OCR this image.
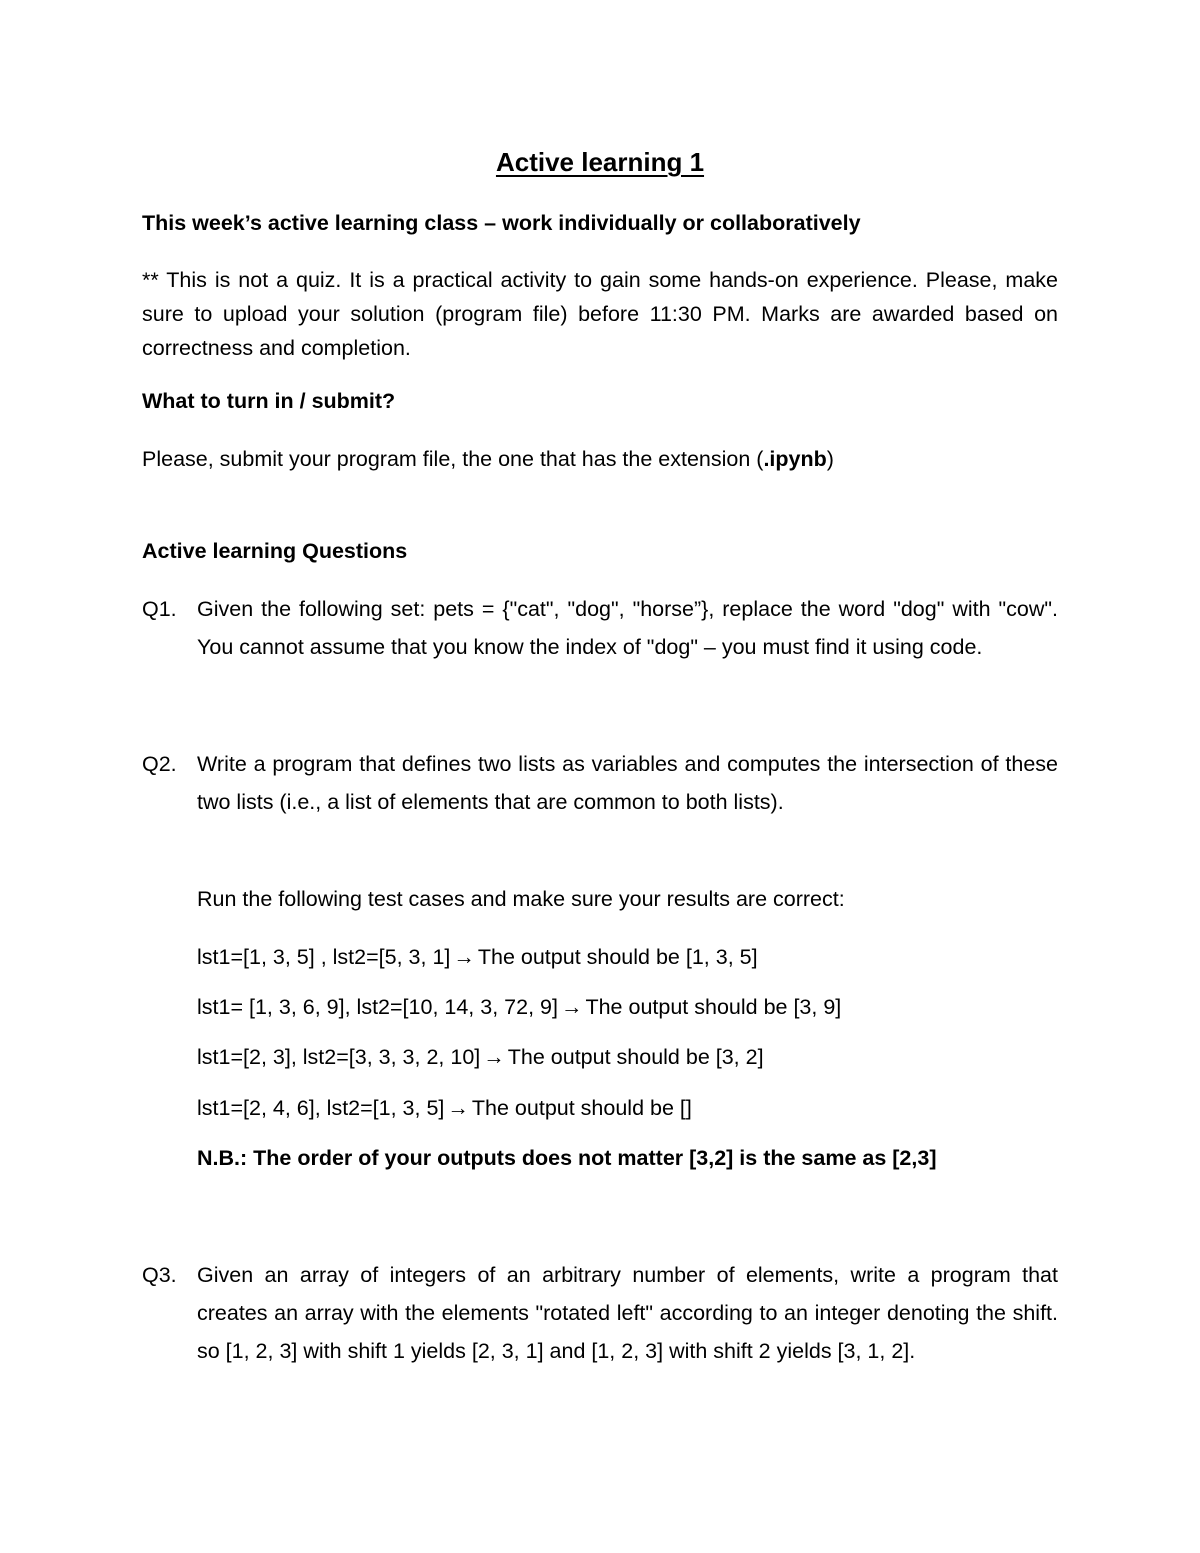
Active learning 1
This week’s active learning class – work individually or collaboratively
** This is not a quiz. It is a practical activity to gain some hands-on experience. Please, make sure to upload your solution (program file) before 11:30 PM. Marks are awarded based on correctness and completion.
What to turn in / submit?
Please, submit your program file, the one that has the extension (.ipynb)
Active learning Questions
Q1. Given the following set: pets = {"cat", "dog", "horse”}, replace the word "dog" with "cow". You cannot assume that you know the index of "dog" – you must find it using code.
Q2. Write a program that defines two lists as variables and computes the intersection of these two lists (i.e., a list of elements that are common to both lists).
Run the following test cases and make sure your results are correct:
lst1=[1, 3, 5] , lst2=[5, 3, 1] → The output should be [1, 3, 5]
lst1= [1, 3, 6, 9], lst2=[10, 14, 3, 72, 9] → The output should be [3, 9]
lst1=[2, 3], lst2=[3, 3, 3, 2, 10] → The output should be [3, 2]
lst1=[2, 4, 6], lst2=[1, 3, 5] → The output should be []
N.B.: The order of your outputs does not matter [3,2] is the same as [2,3]
Q3. Given an array of integers of an arbitrary number of elements, write a program that creates an array with the elements "rotated left" according to an integer denoting the shift. so [1, 2, 3] with shift 1 yields [2, 3, 1] and [1, 2, 3] with shift 2 yields [3, 1, 2].
